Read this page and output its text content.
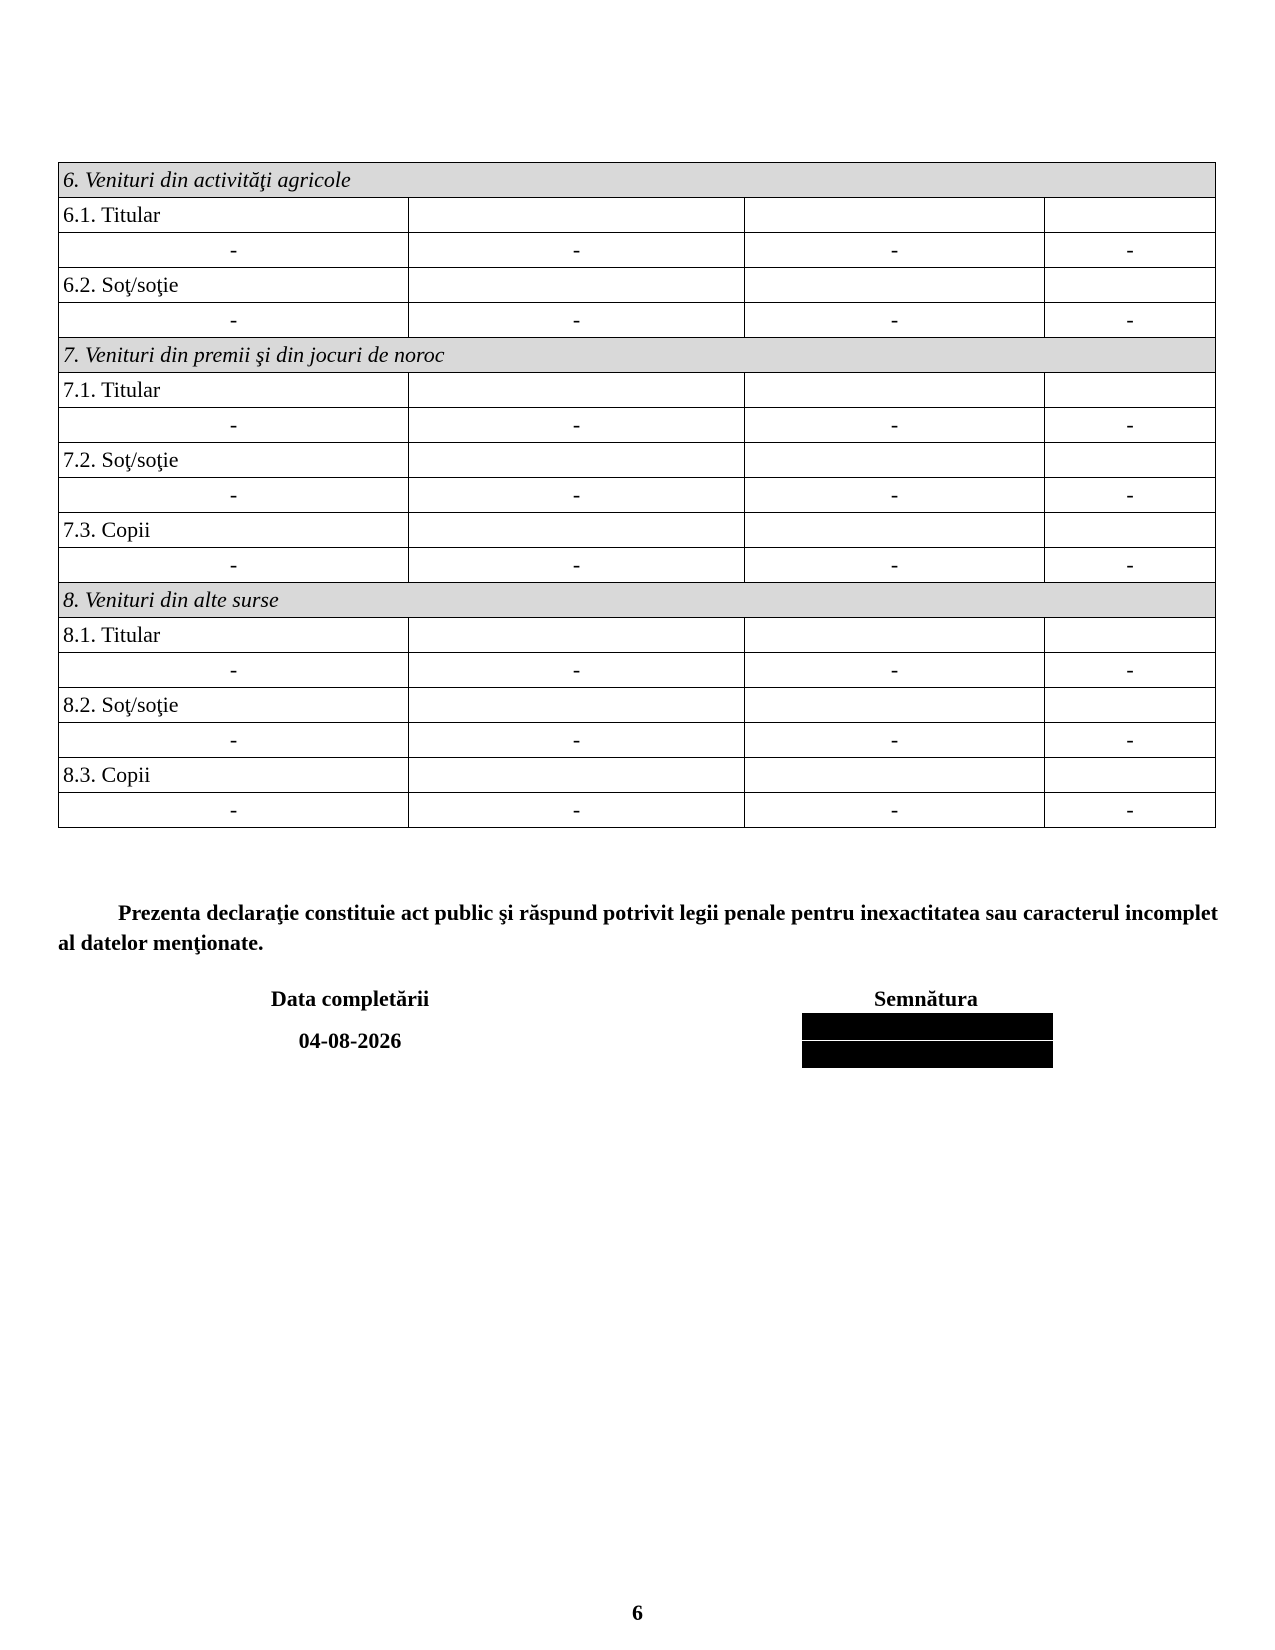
6. Venituri din activităţi agricole			
6.1. Titular			
-	-	-	-
6.2. Soţ/soţie			
-	-	-	-
7. Venituri din premii şi din jocuri de noroc			
7.1. Titular			
-	-	-	-
7.2. Soţ/soţie			
-	-	-	-
7.3. Copii			
-	-	-	-
8. Venituri din alte surse			
8.1. Titular			
-	-	-	-
8.2. Soţ/soţie			
-	-	-	-
8.3. Copii			
-	-	-	-
Prezenta declaraţie constituie act public şi răspund potrivit legii penale pentru inexactitatea sau caracterul incomplet al datelor menţionate.
Data completării
04-08-2026
Semnătura
6
